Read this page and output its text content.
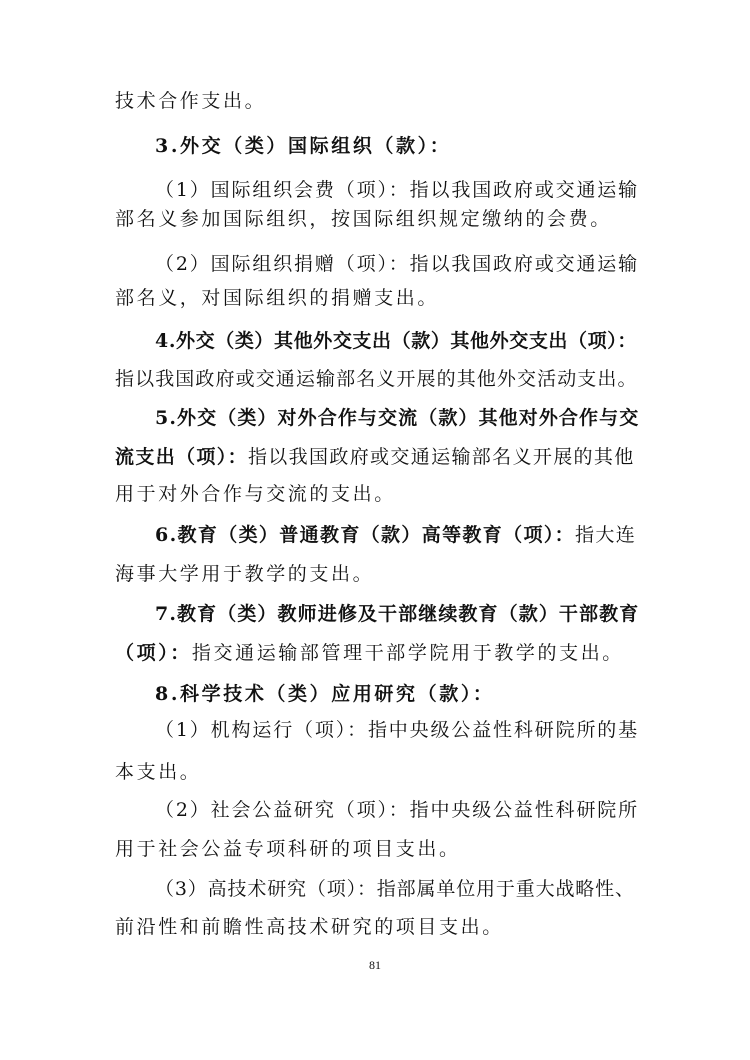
技术合作支出。
3.外交（类）国际组织（款）：
（1）国际组织会费（项）：指以我国政府或交通运输
部名义参加国际组织，按国际组织规定缴纳的会费。
（2）国际组织捐赠（项）：指以我国政府或交通运输
部名义，对国际组织的捐赠支出。
4.外交（类）其他外交支出（款）其他外交支出（项）：
指以我国政府或交通运输部名义开展的其他外交活动支出。
5.外交（类）对外合作与交流（款）其他对外合作与交
流支出（项）：指以我国政府或交通运输部名义开展的其他
用于对外合作与交流的支出。
6.教育（类）普通教育（款）高等教育（项）：指大连
海事大学用于教学的支出。
7.教育（类）教师进修及干部继续教育（款）干部教育
（项）：指交通运输部管理干部学院用于教学的支出。
8.科学技术（类）应用研究（款）：
（1）机构运行（项）：指中央级公益性科研院所的基
本支出。
（2）社会公益研究（项）：指中央级公益性科研院所
用于社会公益专项科研的项目支出。
（3）高技术研究（项）：指部属单位用于重大战略性、
前沿性和前瞻性高技术研究的项目支出。
81
